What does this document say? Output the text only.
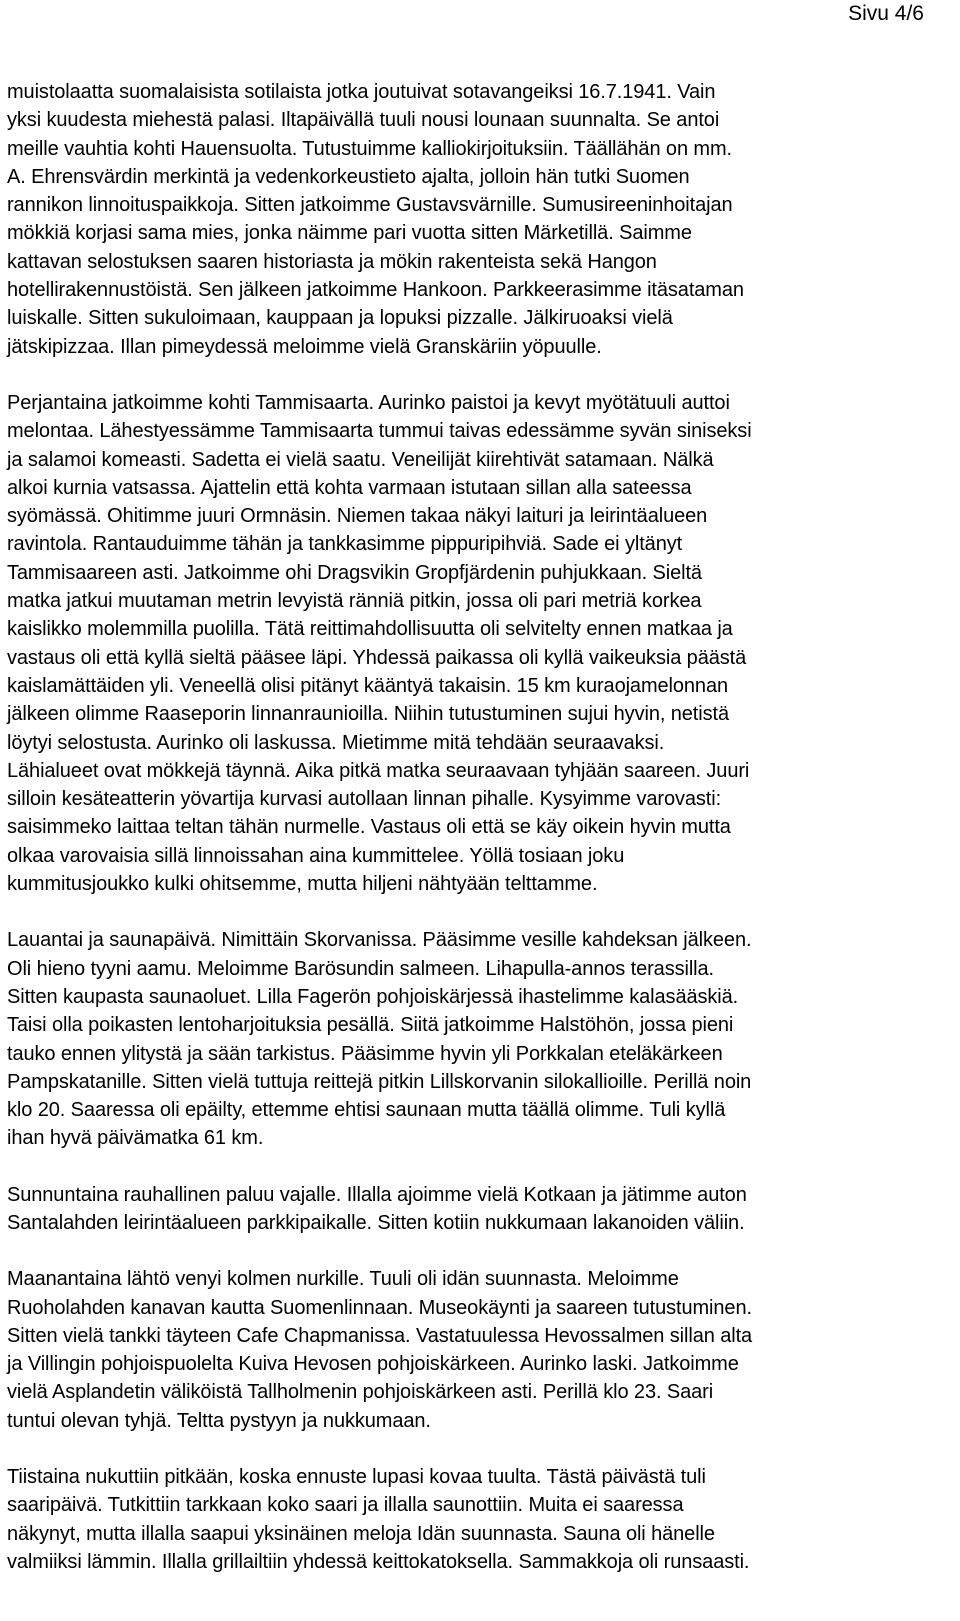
Sivu 4/6

muistolaatta suomalaisista sotilaista jotka joutuivat sotavangeiksi 16.7.1941. Vain
yksi kuudesta miehestä palasi. Iltapäivällä tuuli nousi lounaan suunnalta. Se antoi
meille vauhtia kohti Hauensuolta. Tutustuimme kalliokirjoituksiin. Täällähän on mm.
A. Ehrensvärdin merkintä ja vedenkorkeustieto ajalta, jolloin hän tutki Suomen
rannikon linnoituspaikkoja. Sitten jatkoimme Gustavsvärnille. Sumusireeninhoitajan
mökkiä korjasi sama mies, jonka näimme pari vuotta sitten Märketillä. Saimme
kattavan selostuksen saaren historiasta ja mökin rakenteista sekä Hangon
hotellirakennustöistä. Sen jälkeen jatkoimme Hankoon. Parkkeerasimme itäsataman
luiskalle. Sitten sukuloimaan, kauppaan ja lopuksi pizzalle. Jälkiruoaksi vielä
jätskipizzaa. Illan pimeydessä meloimme vielä Granskäriin yöpuulle.

Perjantaina jatkoimme kohti Tammisaarta. Aurinko paistoi ja kevyt myötätuuli auttoi
melontaa. Lähestyessämme Tammisaarta tummui taivas edessämme syvän siniseksi
ja salamoi komeasti. Sadetta ei vielä saatu. Veneilijät kiirehtivät satamaan. Nälkä
alkoi kurnia vatsassa. Ajattelin että kohta varmaan istutaan sillan alla sateessa
syömässä. Ohitimme juuri Ormnäsin. Niemen takaa näkyi laituri ja leirintäalueen
ravintola. Rantauduimme tähän ja tankkasimme pippuripihviä. Sade ei yltänyt
Tammisaareen asti. Jatkoimme ohi Dragsvikin Gropfjärdenin puhjukkaan. Sieltä
matka jatkui muutaman metrin levyistä ränniä pitkin, jossa oli pari metriä korkea
kaislikko molemmilla puolilla. Tätä reittimahdollisuutta oli selvitelty ennen matkaa ja
vastaus oli että kyllä sieltä pääsee läpi. Yhdessä paikassa oli kyllä vaikeuksia päästä
kaislamättäiden yli. Veneellä olisi pitänyt kääntyä takaisin. 15 km kuraojamelonnan
jälkeen olimme Raaseporin linnanraunioilla. Niihin tutustuminen sujui hyvin, netistä
löytyi selostusta. Aurinko oli laskussa. Mietimme mitä tehdään seuraavaksi.
Lähialueet ovat mökkejä täynnä. Aika pitkä matka seuraavaan tyhjään saareen. Juuri
silloin kesäteatterin yövartija kurvasi autollaan linnan pihalle. Kysyimme varovasti:
saisimmeko laittaa teltan tähän nurmelle. Vastaus oli että se käy oikein hyvin mutta
olkaa varovaisia sillä linnoissahan aina kummittelee. Yöllä tosiaan joku
kummitusjoukko kulki ohitsemme, mutta hiljeni nähtyään telttamme.

Lauantai ja saunapäivä. Nimittäin Skorvanissa. Pääsimme vesille kahdeksan jälkeen.
Oli hieno tyyni aamu. Meloimme Barösundin salmeen. Lihapulla-annos terassilla.
Sitten kaupasta saunaoluet. Lilla Fagerön pohjoiskärjessä ihastelimme kalasääskiä.
Taisi olla poikasten lentoharjoituksia pesällä. Siitä jatkoimme Halstöhön, jossa pieni
tauko ennen ylitystä ja sään tarkistus. Pääsimme hyvin yli Porkkalan eteläkärkeen
Pampskatanille. Sitten vielä tuttuja reittejä pitkin Lillskorvanin silokallioille. Perillä noin
klo 20. Saaressa oli epäilty, ettemme ehtisi saunaan mutta täällä olimme. Tuli kyllä
ihan hyvä päivämatka 61 km.

Sunnuntaina rauhallinen paluu vajalle. Illalla ajoimme vielä Kotkaan ja jätimme auton
Santalahden leirintäalueen parkkipaikalle. Sitten kotiin nukkumaan lakanoiden väliin.

Maanantaina lähtö venyi kolmen nurkille. Tuuli oli idän suunnasta. Meloimme
Ruoholahden kanavan kautta Suomenlinnaan. Museokäynti ja saareen tutustuminen.
Sitten vielä tankki täyteen Cafe Chapmanissa. Vastatuulessa Hevossalmen sillan alta
ja Villingin pohjoispuolelta Kuiva Hevosen pohjoiskärkeen. Aurinko laski. Jatkoimme
vielä Asplandetin väliköistä Tallholmenin pohjoiskärkeen asti. Perillä klo 23. Saari
tuntui olevan tyhjä. Teltta pystyyn ja nukkumaan.

Tiistaina nukuttiin pitkään, koska ennuste lupasi kovaa tuulta. Tästä päivästä tuli
saaripäivä. Tutkittiin tarkkaan koko saari ja illalla saunottiin. Muita ei saaressa
näkynyt, mutta illalla saapui yksinäinen meloja Idän suunnasta. Sauna oli hänelle
valmiiksi lämmin. Illalla grillailtiin yhdessä keittokatoksella. Sammakkoja oli runsaasti.
